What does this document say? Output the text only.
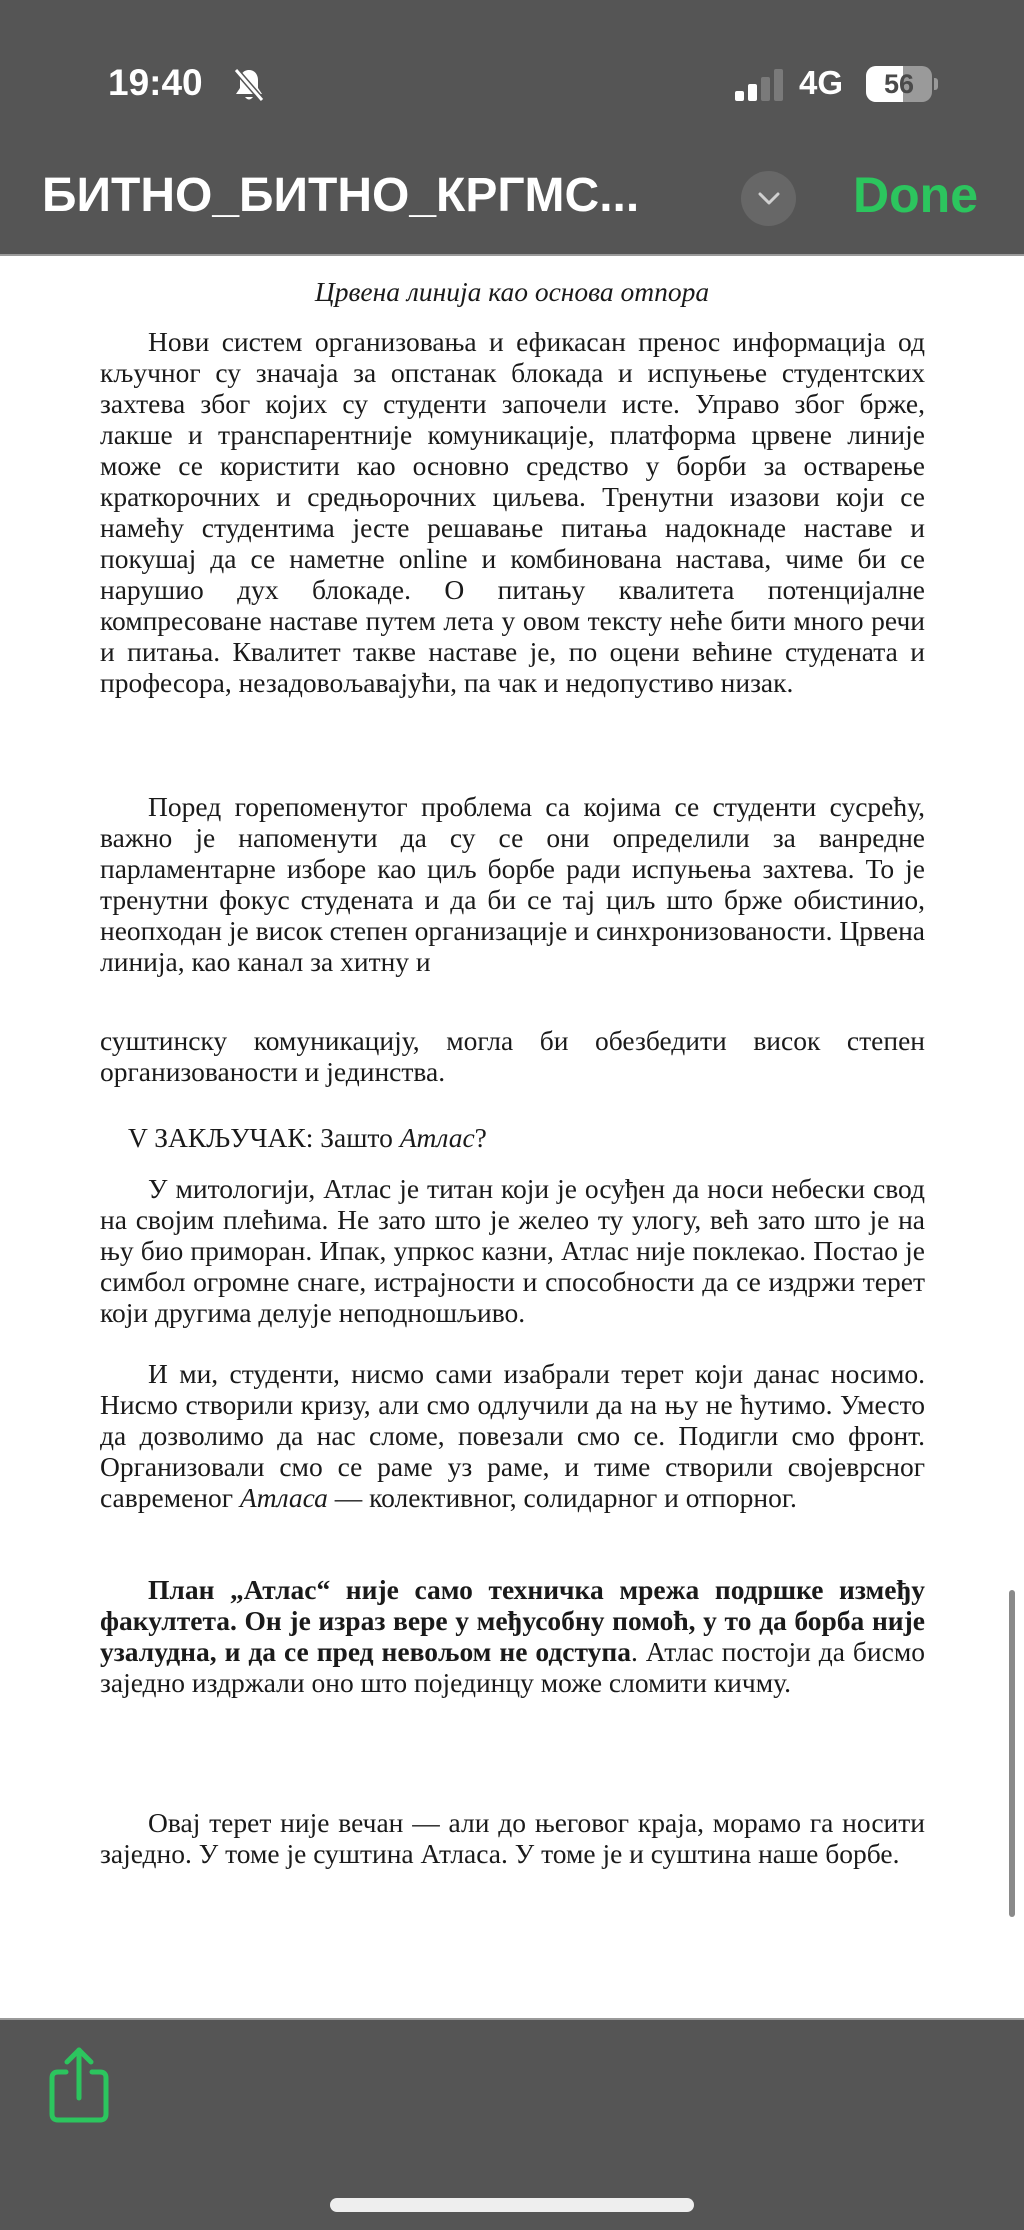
19:40	4G	56
БИТНО_БИТНО_КРГМС...	Done
Црвена линија као основа отпора

Нови систем организовања и ефикасан пренос информација од кључног су значаја за опстанак блокада и испуњење студентских захтева због којих су студенти започели исте. Управо због брже, лакше и транспарентније комуникације, платформа црвене линије може се користити као основно средство у борби за остварење краткорочних и средњорочних циљева. Тренутни изазови који се намећу студентима јесте решавање питања надокнаде наставе и покушај да се наметне online и комбинована настава, чиме би се нарушио дух блокаде. О питању квалитета потенцијалне компресоване наставе путем лета у овом тексту неће бити много речи и питања. Квалитет такве наставе је, по оцени већине студената и професора, незадовољавајући, па чак и недопустиво низак.

Поред горепоменутог проблема са којима се студенти сусрећу, важно је напоменути да су се они определили за ванредне парламентарне изборе као циљ борбе ради испуњења захтева. То је тренутни фокус студената и да би се тај циљ што брже обистинио, неопходан је висок степен организације и синхронизованости. Црвена линија, као канал за хитну и

суштинску комуникацију, могла би обезбедити висок степен организованости и јединства.

V ЗАКЉУЧАК: Зашто Атлас?

У митологији, Атлас је титан који је осуђен да носи небески свод на својим плећима. Не зато што је желео ту улогу, већ зато што је на њу био приморан. Ипак, упркос казни, Атлас није поклекао. Постао је симбол огромне снаге, истрајности и способности да се издржи терет који другима делује неподношљиво.

И ми, студенти, нисмо сами изабрали терет који данас носимо. Нисмо створили кризу, али смо одлучили да на њу не ћутимо. Уместо да дозволимо да нас сломе, повезали смо се. Подигли смо фронт. Организовали смо се раме уз раме, и тиме створили својеврсног савременог Атласа — колективног, солидарног и отпорног.

План „Атлас“ није само техничка мрежа подршке између факултета. Он је израз вере у међусобну помоћ, у то да борба није узалудна, и да се пред невољом не одступа. Атлас постоји да бисмо заједно издржали оно што појединцу може сломити кичму.

Овај терет није вечан — али до његовог краја, морамо га носити заједно. У томе је суштина Атласа. У томе је и суштина наше борбе.
